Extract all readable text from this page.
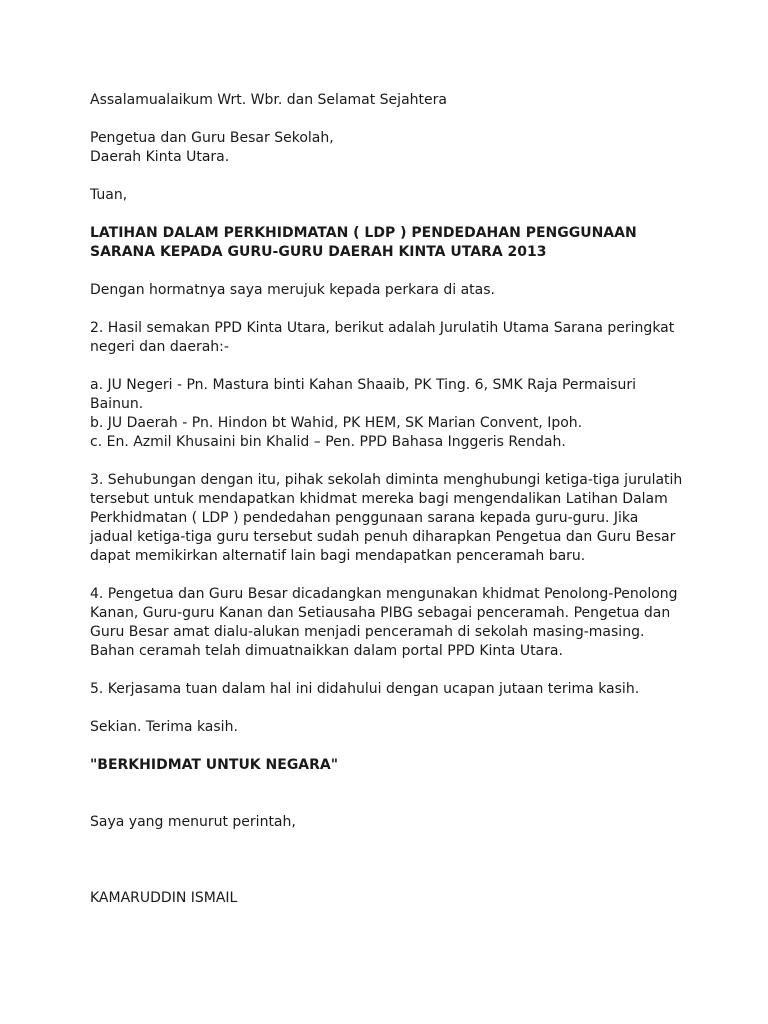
Assalamualaikum Wrt. Wbr. dan Selamat Sejahtera

Pengetua dan Guru Besar Sekolah,
Daerah Kinta Utara.

Tuan,

LATIHAN DALAM PERKHIDMATAN ( LDP ) PENDEDAHAN PENGGUNAAN
SARANA KEPADA GURU-GURU DAERAH KINTA UTARA 2013

Dengan hormatnya saya merujuk kepada perkara di atas.

2. Hasil semakan PPD Kinta Utara, berikut adalah Jurulatih Utama Sarana peringkat
negeri dan daerah:-

a. JU Negeri - Pn. Mastura binti Kahan Shaaib, PK Ting. 6, SMK Raja Permaisuri
Bainun.
b. JU Daerah - Pn. Hindon bt Wahid, PK HEM, SK Marian Convent, Ipoh.
c. En. Azmil Khusaini bin Khalid – Pen. PPD Bahasa Inggeris Rendah.

3. Sehubungan dengan itu, pihak sekolah diminta menghubungi ketiga-tiga jurulatih
tersebut untuk mendapatkan khidmat mereka bagi mengendalikan Latihan Dalam
Perkhidmatan ( LDP ) pendedahan penggunaan sarana kepada guru-guru. Jika
jadual ketiga-tiga guru tersebut sudah penuh diharapkan Pengetua dan Guru Besar
dapat memikirkan alternatif lain bagi mendapatkan penceramah baru.

4. Pengetua dan Guru Besar dicadangkan mengunakan khidmat Penolong-Penolong
Kanan, Guru-guru Kanan dan Setiausaha PIBG sebagai penceramah. Pengetua dan
Guru Besar amat dialu-alukan menjadi penceramah di sekolah masing-masing.
Bahan ceramah telah dimuatnaikkan dalam portal PPD Kinta Utara.

5. Kerjasama tuan dalam hal ini didahului dengan ucapan jutaan terima kasih.

Sekian. Terima kasih.

"BERKHIDMAT UNTUK NEGARA"

Saya yang menurut perintah,

KAMARUDDIN ISMAIL
